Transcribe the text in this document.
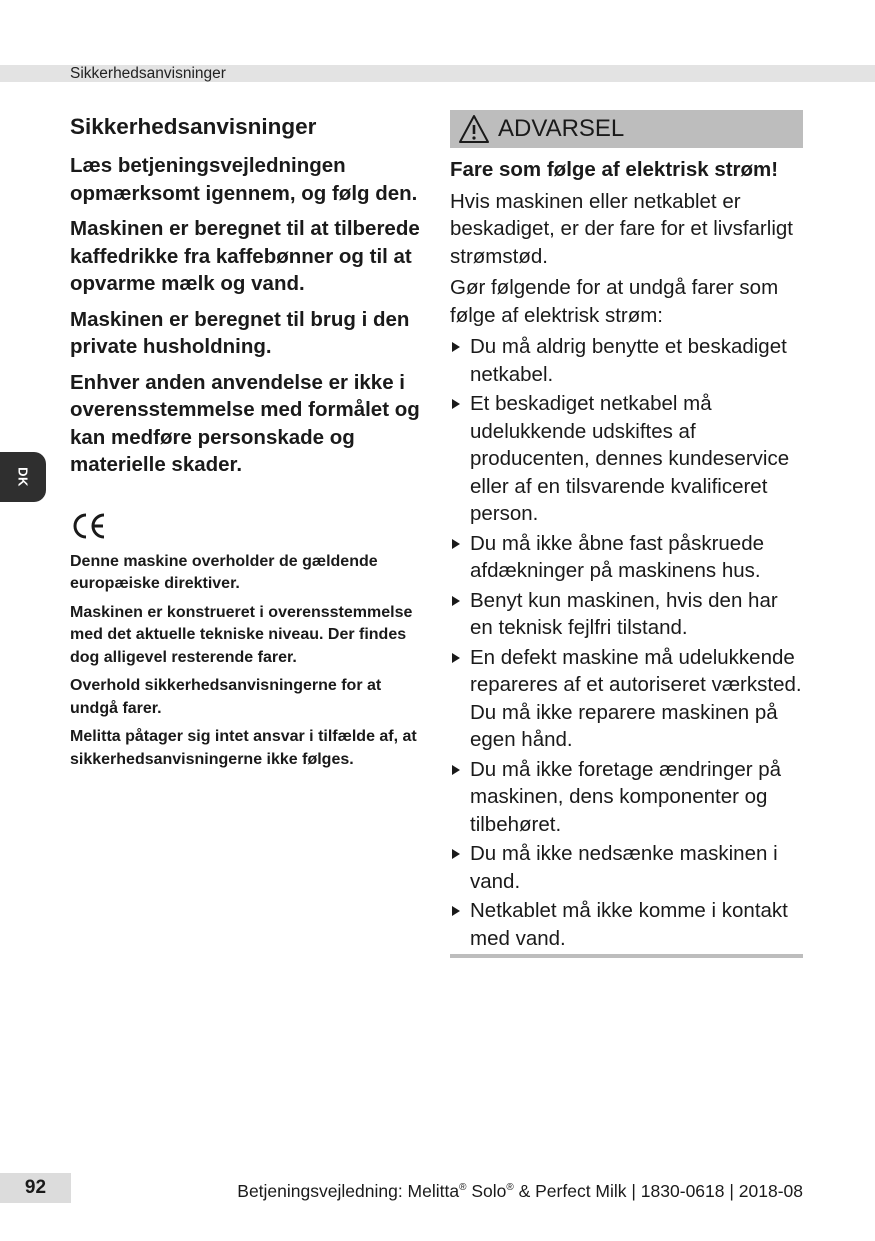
Sikkerhedsanvisninger
DK
Sikkerhedsanvisninger

Læs betjeningsvejledningen opmærksomt igennem, og følg den.

Maskinen er beregnet til at tilberede kaffedrikke fra kaffebønner og til at opvarme mælk og vand.

Maskinen er beregnet til brug i den private husholdning.

Enhver anden anvendelse er ikke i overensstemmelse med formålet og kan medføre personskade og materielle skader.

Denne maskine overholder de gældende europæiske direktiver.

Maskinen er konstrueret i overensstemmelse med det aktuelle tekniske niveau. Der findes dog alligevel resterende farer.

Overhold sikkerhedsanvisningerne for at undgå farer.

Melitta påtager sig intet ansvar i tilfælde af, at sikkerhedsanvisningerne ikke følges.

ADVARSEL

Fare som følge af elektrisk strøm!

Hvis maskinen eller netkablet er beskadiget, er der fare for et livsfarligt strømstød.

Gør følgende for at undgå farer som følge af elektrisk strøm:

Du må aldrig benytte et beskadiget netkabel.
Et beskadiget netkabel må udelukkende udskiftes af producenten, dennes kundeservice eller af en tilsvarende kvalificeret person.
Du må ikke åbne fast påskruede afdækninger på maskinens hus.
Benyt kun maskinen, hvis den har en teknisk fejlfri tilstand.
En defekt maskine må udelukkende repareres af et autoriseret værksted. Du må ikke reparere maskinen på egen hånd.
Du må ikke foretage ændringer på maskinen, dens komponenter og tilbehøret.
Du må ikke nedsænke maskinen i vand.
Netkablet må ikke komme i kontakt med vand.
92	Betjeningsvejledning: Melitta® Solo® & Perfect Milk | 1830-0618 | 2018-08
